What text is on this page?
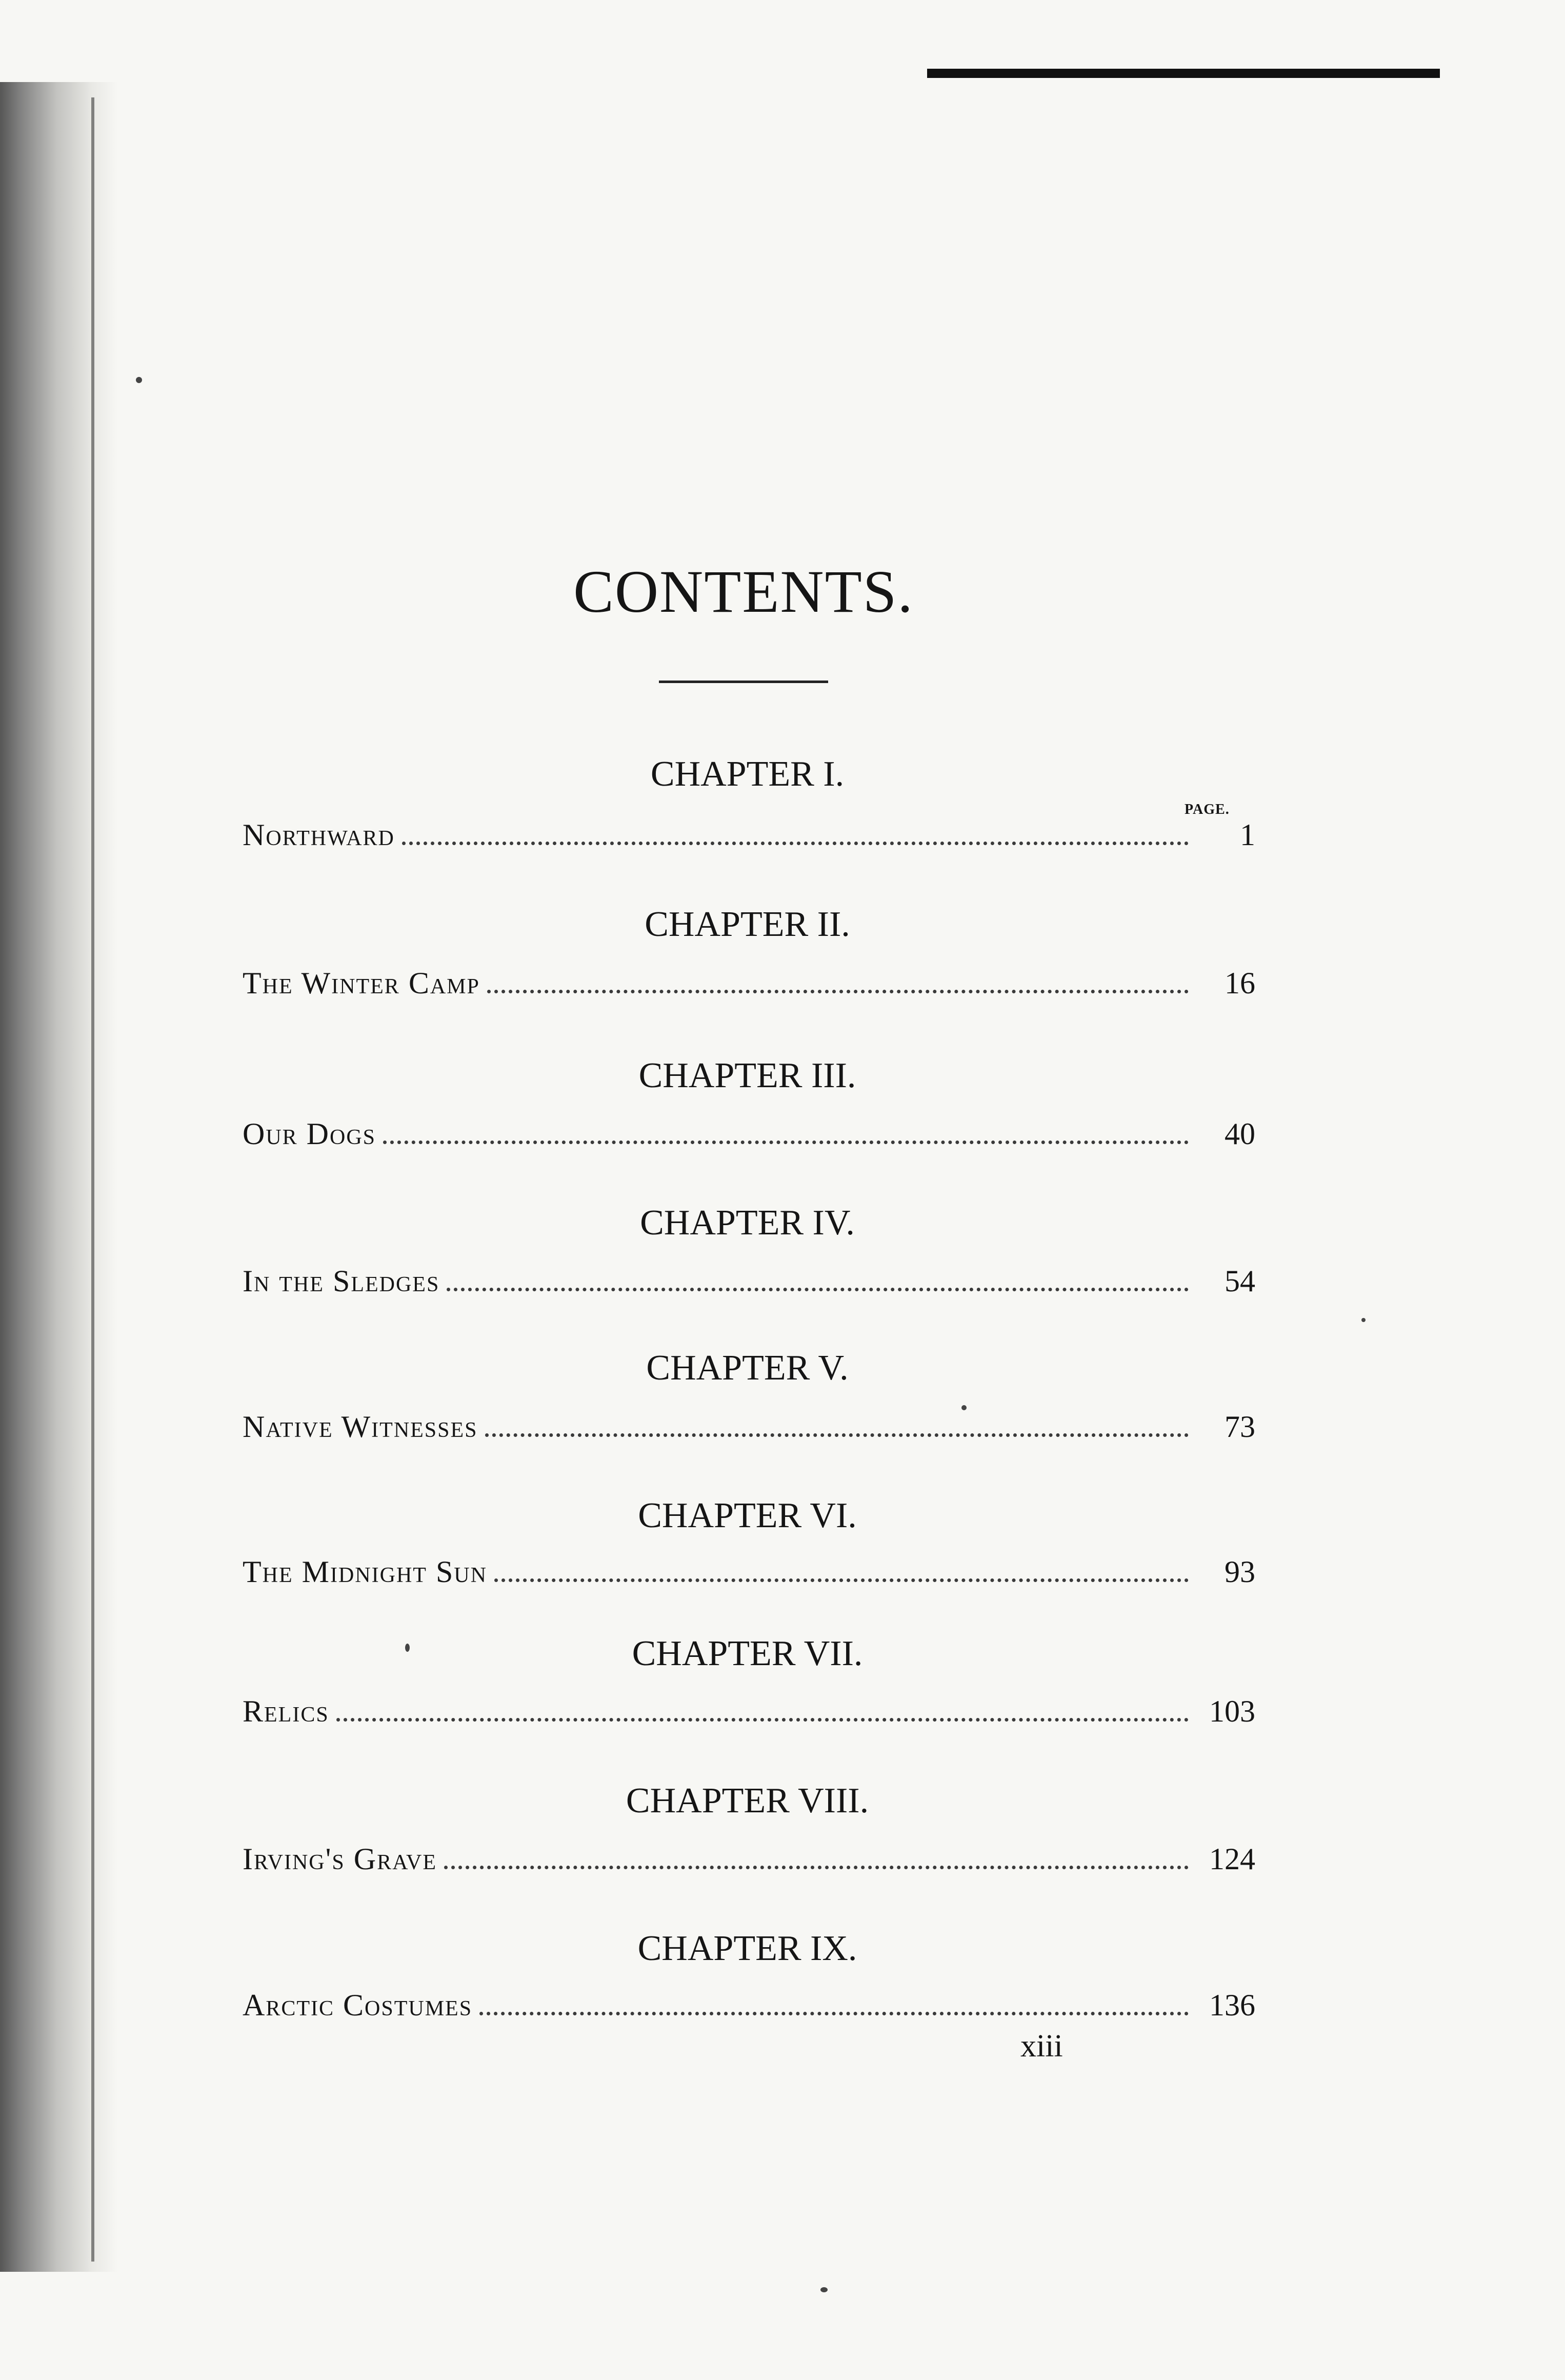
CONTENTS.
PAGE.
CHAPTER I.
Northward	1
CHAPTER II.
The Winter Camp	16
CHAPTER III.
Our Dogs	40
CHAPTER IV.
In the Sledges	54
CHAPTER V.
Native Witnesses	73
CHAPTER VI.
The Midnight Sun	93
CHAPTER VII.
Relics	103
CHAPTER VIII.
Irving's Grave	124
CHAPTER IX.
Arctic Costumes	136
xiii
